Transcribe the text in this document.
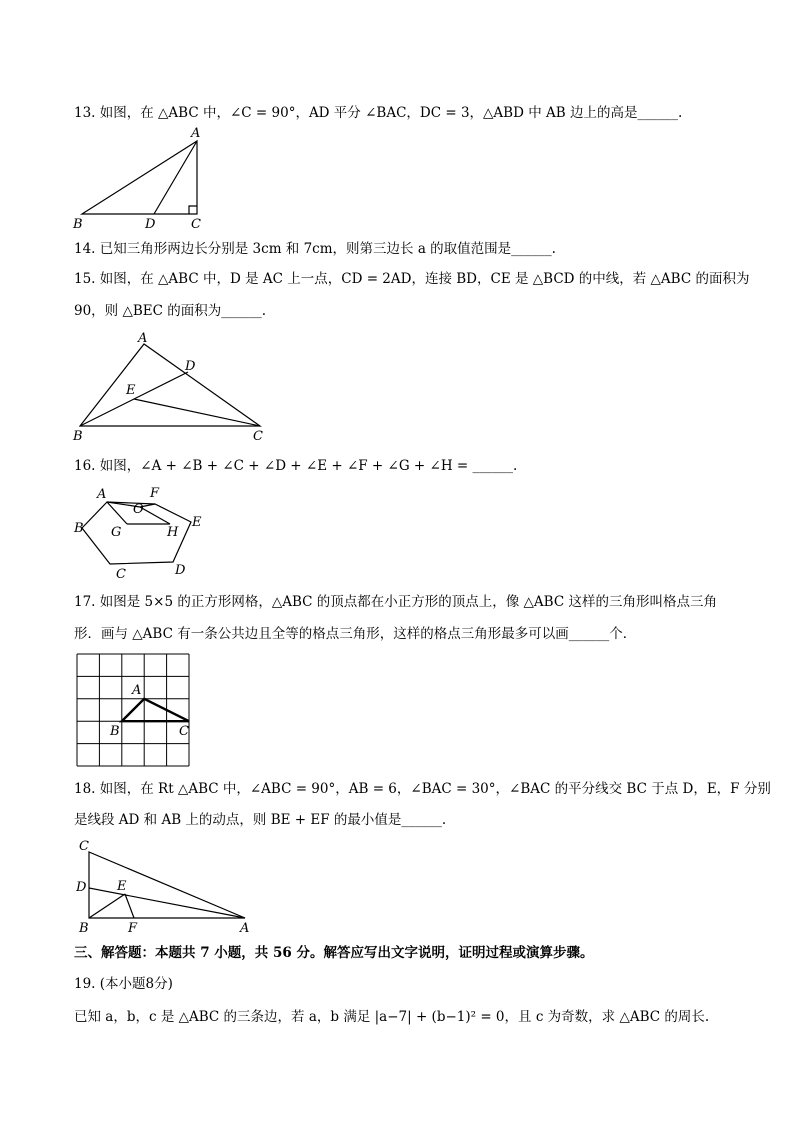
13. 如图，在 △ABC 中，∠C = 90°，AD 平分 ∠BAC，DC = 3，△ABD 中 AB 边上的高是______.
A
B	D	C
14. 已知三角形两边长分别是 3cm 和 7cm，则第三边长 a 的取值范围是______.
15. 如图，在 △ABC 中，D 是 AC 上一点，CD = 2AD，连接 BD，CE 是 △BCD 的中线，若 △ABC 的面积为
90，则 △BEC 的面积为______.
A
D
E
B	C
16. 如图，∠A + ∠B + ∠C + ∠D + ∠E + ∠F + ∠G + ∠H = ______.
A	F
O
B G	H
E
C	D
17. 如图是 5×5 的正方形网格，△ABC 的顶点都在小正方形的顶点上，像 △ABC 这样的三角形叫格点三角
形．画与 △ABC 有一条公共边且全等的格点三角形，这样的格点三角形最多可以画______个．
A
B	C
18. 如图，在 Rt △ABC 中，∠ABC = 90°，AB = 6，∠BAC = 30°，∠BAC 的平分线交 BC 于点 D，E，F 分别
是线段 AD 和 AB 上的动点，则 BE + EF 的最小值是______.
C
D E
B	F	A
三、解答题：本题共 7 小题，共 56 分。解答应写出文字说明，证明过程或演算步骤。
19. (本小题8分)
已知 a，b，c 是 △ABC 的三条边，若 a，b 满足 |a−7| + (b−1)² = 0，且 c 为奇数，求 △ABC 的周长.
